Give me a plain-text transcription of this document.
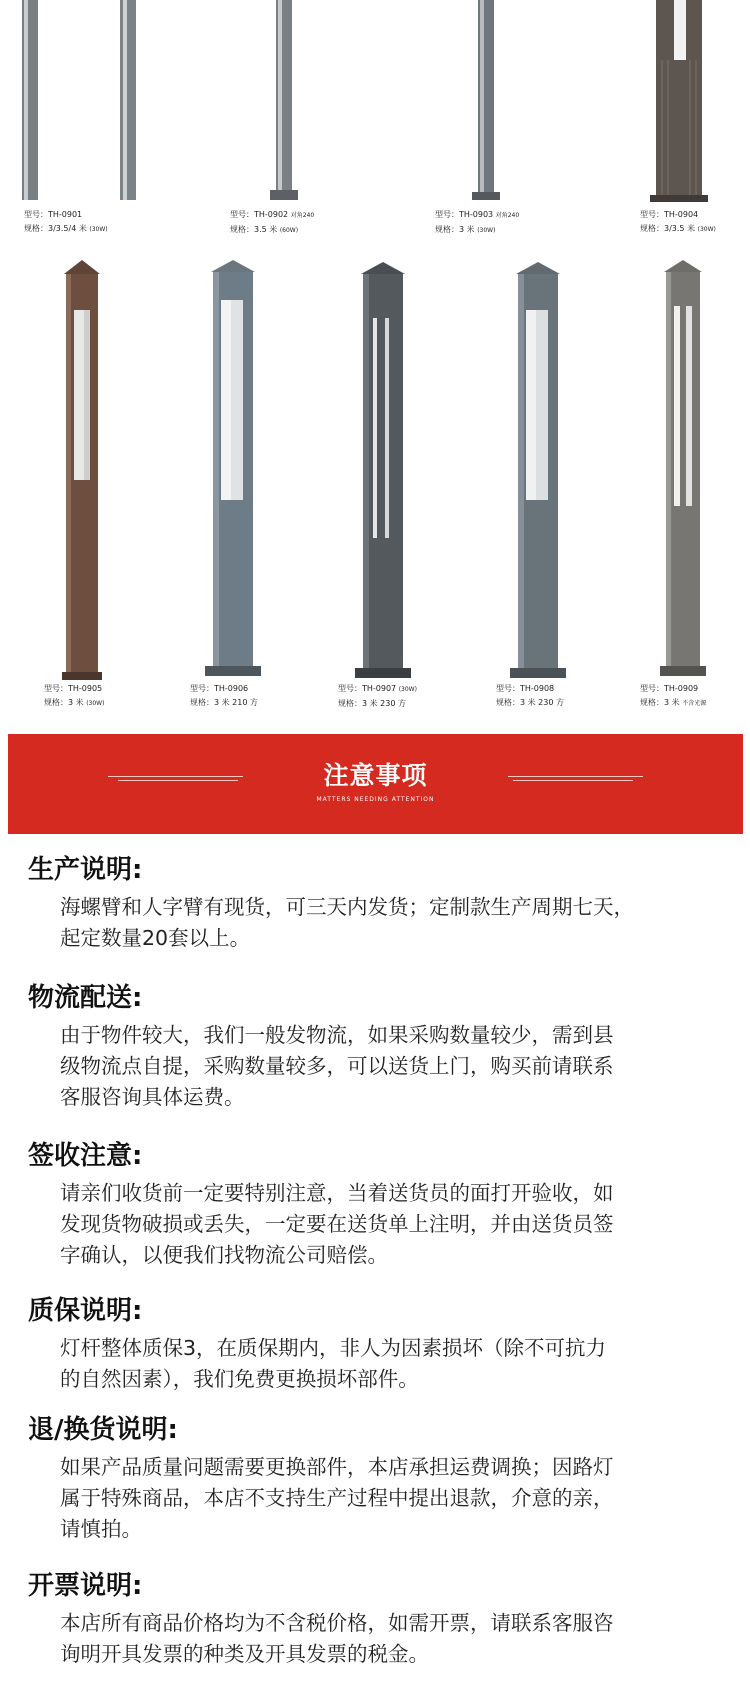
型号：TH-0901
规格：3/3.5/4 米 (30W)
型号：TH-0902 对角240
规格：3.5 米 (60W)
型号：TH-0903 对角240
规格：3 米 (30W)
型号：TH-0904
规格：3/3.5 米 (30W)
型号：TH-0905
规格：3 米 (30W)
型号：TH-0906
规格：3 米 210 方
型号：TH-0907 (30W)
规格：3 米 230 方
型号：TH-0908
规格：3 米 230 方
型号：TH-0909
规格：3 米 不含光源
注意事项
MATTERS NEEDING ATTENTION
生产说明:

海螺臂和人字臂有现货，可三天内发货；定制款生产周期七天，

起定数量20套以上。

物流配送:

由于物件较大，我们一般发物流，如果采购数量较少，需到县

级物流点自提，采购数量较多，可以送货上门，购买前请联系

客服咨询具体运费。

签收注意:

请亲们收货前一定要特别注意，当着送货员的面打开验收，如

发现货物破损或丢失，一定要在送货单上注明，并由送货员签

字确认，以便我们找物流公司赔偿。

质保说明:

灯杆整体质保3，在质保期内，非人为因素损坏（除不可抗力

的自然因素），我们免费更换损坏部件。

退/换货说明:

如果产品质量问题需要更换部件，本店承担运费调换；因路灯

属于特殊商品，本店不支持生产过程中提出退款，介意的亲，

请慎拍。

开票说明:

本店所有商品价格均为不含税价格，如需开票，请联系客服咨

询明开具发票的种类及开具发票的税金。
